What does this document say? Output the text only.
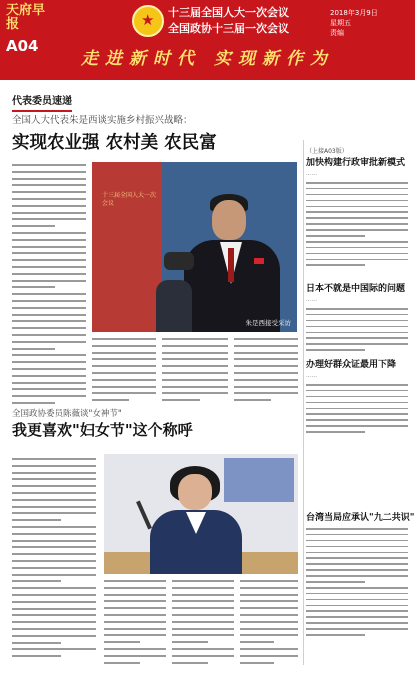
天府早报
A04
★
十三届全国人大一次会议
全国政协十三届一次会议
2018年3月9日
星期五
责编
走进新时代 实现新作为
代表委员速递
全国人大代表朱是西谈实施乡村振兴战略：
实现农业强 农村美 农民富
十三届全国人大一次会议
朱是西接受采访
（上接A03版）
加快构建行政审批新模式
……
日本不就是中国际的问题
……
办理好群众证最用下降
……
台湾当局应承认"九二共识"
全国政协委员陈薇谈"女神节"
我更喜欢"妇女节"这个称呼
